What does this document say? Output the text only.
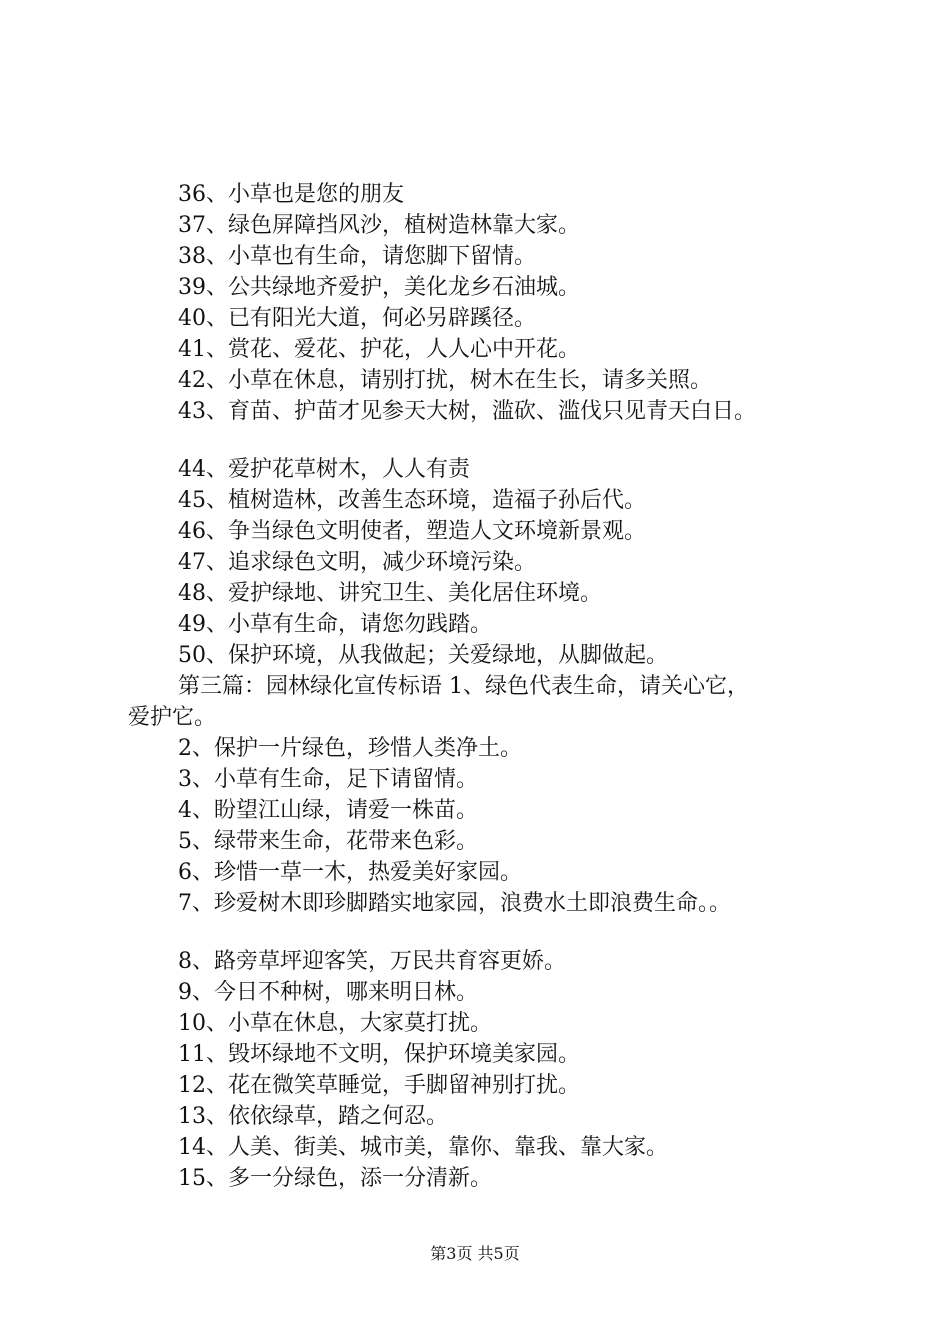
36、小草也是您的朋友
37、绿色屏障挡风沙，植树造林靠大家。
38、小草也有生命，请您脚下留情。
39、公共绿地齐爱护，美化龙乡石油城。
40、已有阳光大道，何必另辟蹊径。
41、赏花、爱花、护花，人人心中开花。
42、小草在休息，请别打扰，树木在生长，请多关照。
43、育苗、护苗才见参天大树，滥砍、滥伐只见青天白日。
44、爱护花草树木，人人有责
45、植树造林，改善生态环境，造福子孙后代。
46、争当绿色文明使者，塑造人文环境新景观。
47、追求绿色文明，减少环境污染。
48、爱护绿地、讲究卫生、美化居住环境。
49、小草有生命，请您勿践踏。
50、保护环境，从我做起；关爱绿地，从脚做起。
第三篇：园林绿化宣传标语 1、绿色代表生命，请关心它，
爱护它。
2、保护一片绿色，珍惜人类净土。
3、小草有生命，足下请留情。
4、盼望江山绿，请爱一株苗。
5、绿带来生命，花带来色彩。
6、珍惜一草一木，热爱美好家园。
7、珍爱树木即珍脚踏实地家园，浪费水土即浪费生命。。
8、路旁草坪迎客笑，万民共育容更娇。
9、今日不种树，哪来明日林。
10、小草在休息，大家莫打扰。
11、毁坏绿地不文明，保护环境美家园。
12、花在微笑草睡觉，手脚留神别打扰。
13、依依绿草，踏之何忍。
14、人美、街美、城市美，靠你、靠我、靠大家。
15、多一分绿色，添一分清新。
第3页 共5页
